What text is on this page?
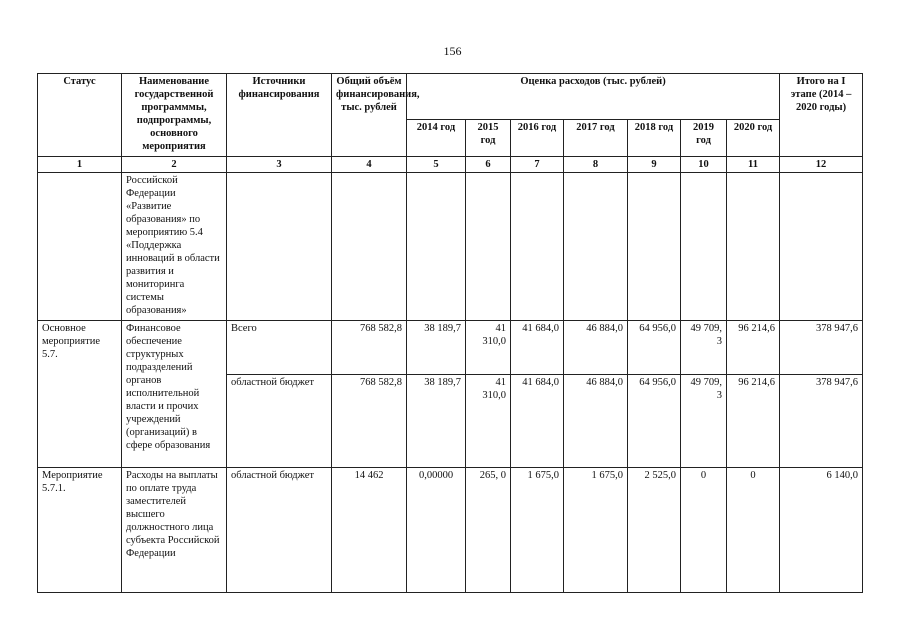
156
Статус	Наименование государственной программмы, подпрограммы, основного мероприятия	Источники финансирования	Общий объём финансирования, тыс. рублей	Оценка расходов (тыс. рублей)							Итого на I этапе (2014 – 2020 годы)
				2014 год	2015 год	2016 год	2017 год	2018 год	2019 год	2020 год	
1	2	3	4	5	6	7	8	9	10	11	12
	Российской Федерации «Развитие образования» по мероприятию 5.4 «Поддержка инноваций в области развития и мониторинга системы образования»										
Основное мероприятие 5.7.	Финансовое обеспечение структурных подразделений органов исполнительной власти и прочих учреждений (организаций) в сфере образования	Всего	768 582,8	38 189,7	41 310,0	41 684,0	46 884,0	64 956,0	49 709, 3	96 214,6	378 947,6
		областной бюджет	768 582,8	38 189,7	41 310,0	41 684,0	46 884,0	64 956,0	49 709, 3	96 214,6	378 947,6
Мероприятие 5.7.1.	Расходы на выплаты по оплате труда заместителей высшего должностного лица субъекта Российской Федерации	областной бюджет	14 462	0,00000	265, 0	1 675,0	1 675,0	2 525,0	0	0	6 140,0
